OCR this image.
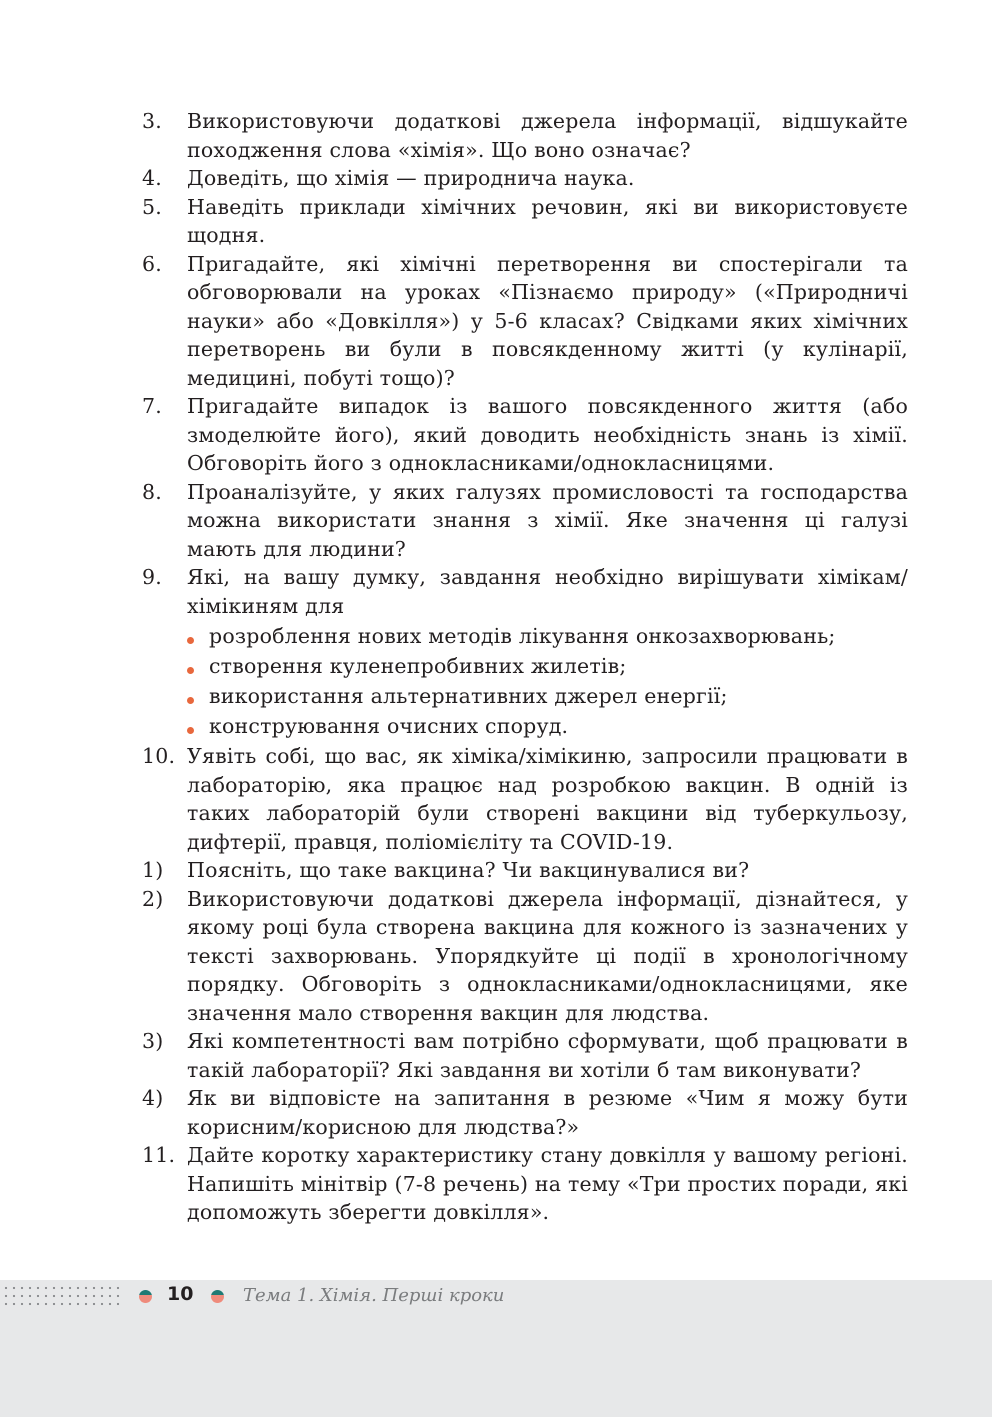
3.	Використовуючи додаткові джерела інформації, відшукайте походження слова «хімія». Що воно означає?
4.	Доведіть, що хімія — природнича наука.
5.	Наведіть приклади хімічних речовин, які ви використовуєте щодня.
6.	Пригадайте, які хімічні перетворення ви спостерігали та обговорювали на уроках «Пізнаємо природу» («Природничі науки» або «Довкілля») у 5-6 класах? Свідками яких хімічних перетворень ви були в повсякденному житті (у кулінарії, медицині, побуті тощо)?
7.	Пригадайте випадок із вашого повсякденного життя (або змоделюйте його), який доводить необхідність знань із хімії. Обговоріть його з однокласниками/однокласницями.
8.	Проаналізуйте, у яких галузях промисловості та господарства можна використати знання з хімії. Яке значення ці галузі мають для людини?
9.	Які, на вашу думку, завдання необхідно вирішувати хімікам/хімікиням для
розроблення нових методів лікування онкозахворювань;
створення куленепробивних жилетів;
використання альтернативних джерел енергії;
конструювання очисних споруд.
10. Уявіть собі, що вас, як хіміка/хімікиню, запросили працювати в лабораторію, яка працює над розробкою вакцин. В одній із таких лабораторій були створені вакцини від туберкульозу, дифтерії, правця, поліомієліту та COVID-19.
1)	Поясніть, що таке вакцина? Чи вакцинувалися ви?
2)	Використовуючи додаткові джерела інформації, дізнайтеся, у якому році була створена вакцина для кожного із зазначених у тексті захворювань. Упорядкуйте ці події в хронологічному порядку. Обговоріть з однокласниками/однокласницями, яке значення мало створення вакцин для людства.
3)	Які компетентності вам потрібно сформувати, щоб працювати в такій лабораторії? Які завдання ви хотіли б там виконувати?
4)	Як ви відповісте на запитання в резюме «Чим я можу бути корисним/корисною для людства?»
11. Дайте коротку характеристику стану довкілля у вашому регіоні. Напишіть мінітвір (7-8 речень) на тему «Три простих поради, які допоможуть зберегти довкілля».
10	Тема 1. Хімія. Перші кроки
